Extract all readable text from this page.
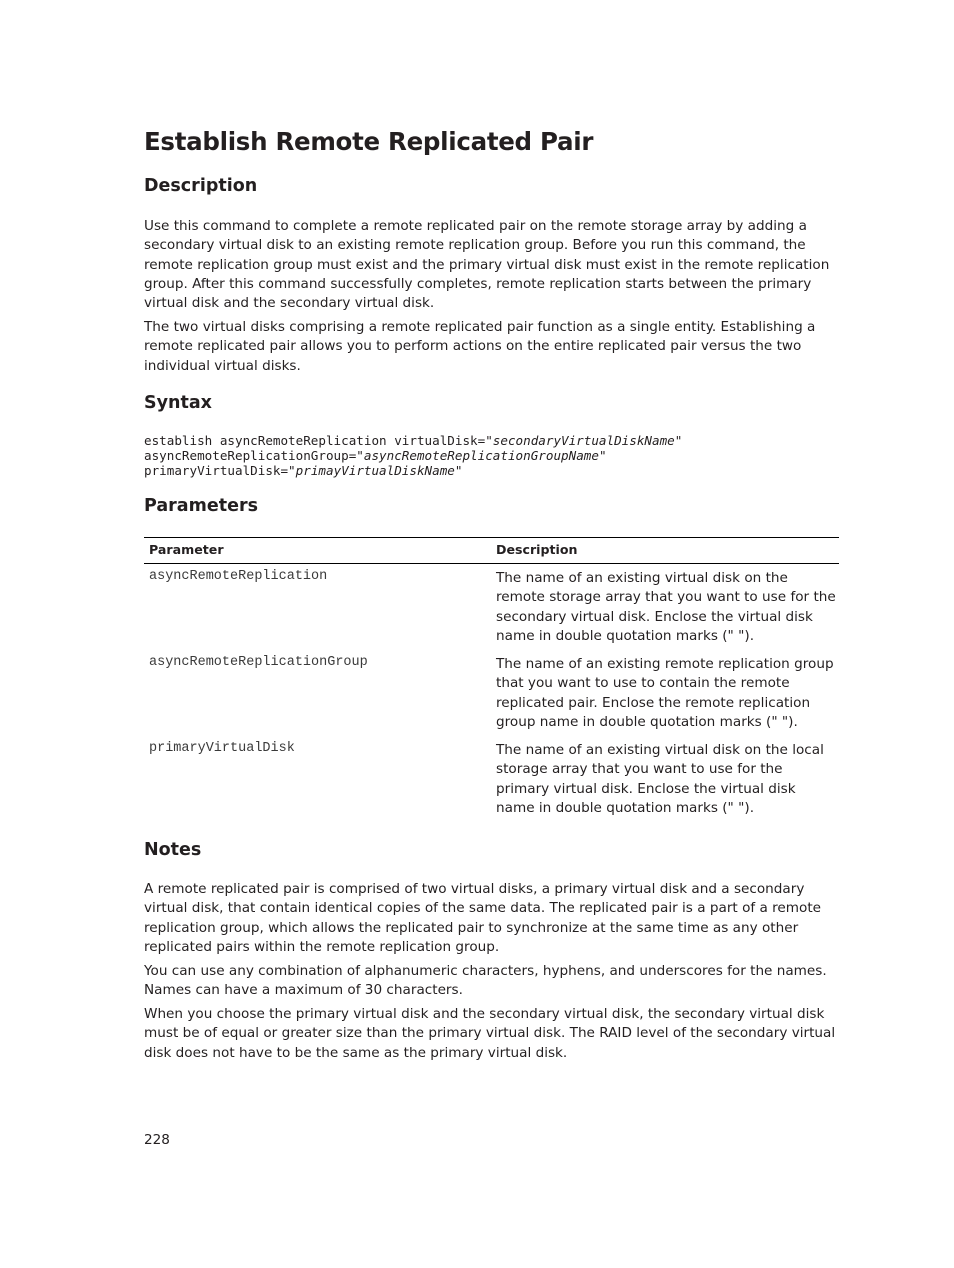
Establish Remote Replicated Pair
Description

Use this command to complete a remote replicated pair on the remote storage array by adding a secondary virtual disk to an existing remote replication group. Before you run this command, the remote replication group must exist and the primary virtual disk must exist in the remote replication group. After this command successfully completes, remote replication starts between the primary virtual disk and the secondary virtual disk.

The two virtual disks comprising a remote replicated pair function as a single entity. Establishing a remote replicated pair allows you to perform actions on the entire replicated pair versus the two individual virtual disks.

Syntax
establish asyncRemoteReplication virtualDisk="secondaryVirtualDiskName"
asyncRemoteReplicationGroup="asyncRemoteReplicationGroupName"
primaryVirtualDisk="primayVirtualDiskName"
Parameters
Parameter	Description
asyncRemoteReplication	The name of an existing virtual disk on the remote storage array that you want to use for the secondary virtual disk. Enclose the virtual disk name in double quotation marks (" ").
asyncRemoteReplicationGroup	The name of an existing remote replication group that you want to use to contain the remote replicated pair. Enclose the remote replication group name in double quotation marks (" ").
primaryVirtualDisk	The name of an existing virtual disk on the local storage array that you want to use for the primary virtual disk. Enclose the virtual disk name in double quotation marks (" ").
Notes

A remote replicated pair is comprised of two virtual disks, a primary virtual disk and a secondary virtual disk, that contain identical copies of the same data. The replicated pair is a part of a remote replication group, which allows the replicated pair to synchronize at the same time as any other replicated pairs within the remote replication group.

You can use any combination of alphanumeric characters, hyphens, and underscores for the names. Names can have a maximum of 30 characters.

When you choose the primary virtual disk and the secondary virtual disk, the secondary virtual disk must be of equal or greater size than the primary virtual disk. The RAID level of the secondary virtual disk does not have to be the same as the primary virtual disk.

228
